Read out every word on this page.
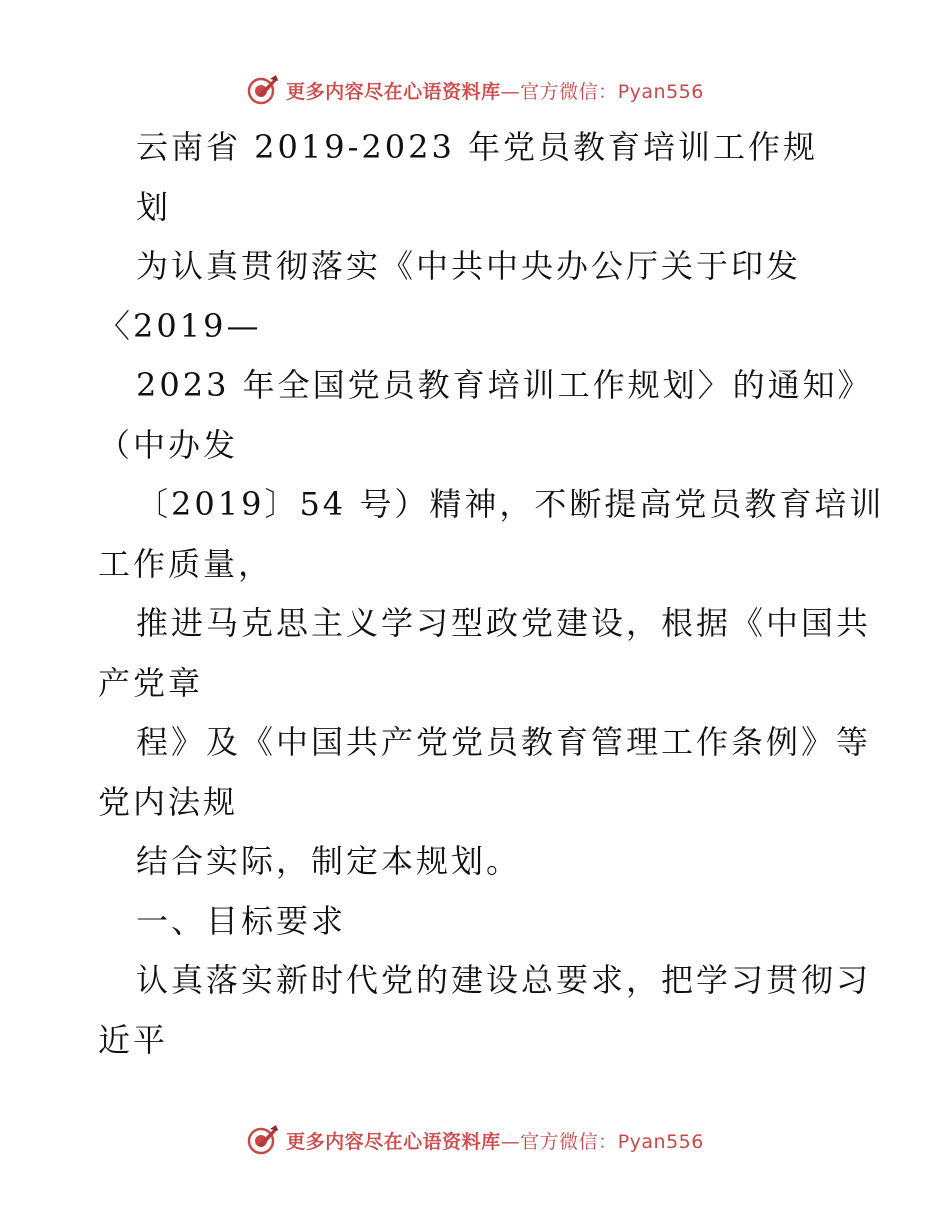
更多内容尽在心语资料库—官方微信：Pyan556
云南省 2019-2023 年党员教育培训工作规
划
为认真贯彻落实《中共中央办公厅关于印发
〈2019—
2023 年全国党员教育培训工作规划〉的通知》
（中办发
〔2019〕54 号）精神，不断提高党员教育培训
工作质量，
推进马克思主义学习型政党建设，根据《中国共
产党章
程》及《中国共产党党员教育管理工作条例》等
党内法规
结合实际，制定本规划。
一、目标要求
认真落实新时代党的建设总要求，把学习贯彻习
近平
更多内容尽在心语资料库—官方微信：Pyan556
